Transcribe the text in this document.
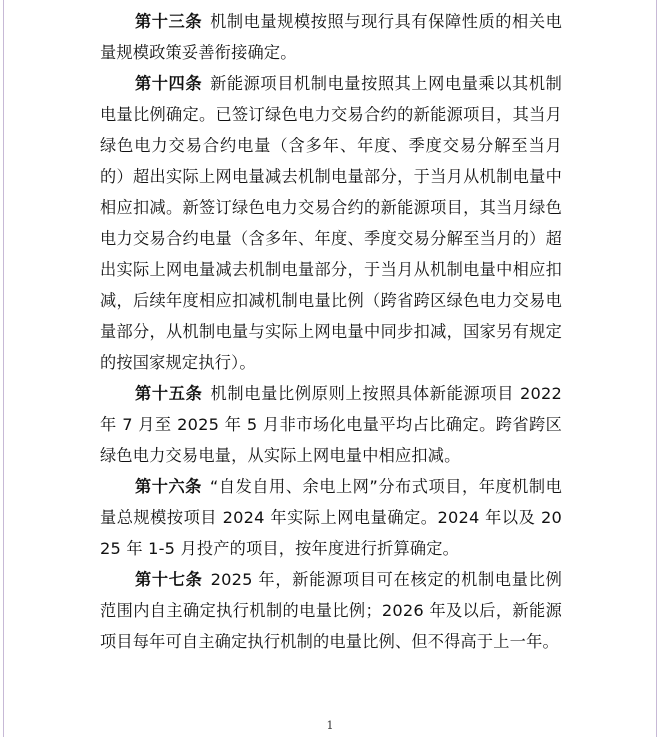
第十三条 机制电量规模按照与现行具有保障性质的相关电量规模政策妥善衔接确定。

第十四条 新能源项目机制电量按照其上网电量乘以其机制电量比例确定。已签订绿色电力交易合约的新能源项目，其当月绿色电力交易合约电量（含多年、年度、季度交易分解至当月的）超出实际上网电量减去机制电量部分，于当月从机制电量中相应扣减。新签订绿色电力交易合约的新能源项目，其当月绿色电力交易合约电量（含多年、年度、季度交易分解至当月的）超出实际上网电量减去机制电量部分，于当月从机制电量中相应扣减，后续年度相应扣减机制电量比例（跨省跨区绿色电力交易电量部分，从机制电量与实际上网电量中同步扣减，国家另有规定的按国家规定执行）。

第十五条 机制电量比例原则上按照具体新能源项目 2022 年 7 月至 2025 年 5 月非市场化电量平均占比确定。跨省跨区绿色电力交易电量，从实际上网电量中相应扣减。

第十六条 “自发自用、余电上网”分布式项目，年度机制电量总规模按项目 2024 年实际上网电量确定。2024 年以及 2025 年 1-5 月投产的项目，按年度进行折算确定。

第十七条 2025 年，新能源项目可在核定的机制电量比例范围内自主确定执行机制的电量比例；2026 年及以后，新能源项目每年可自主确定执行机制的电量比例、但不得高于上一年。

1
